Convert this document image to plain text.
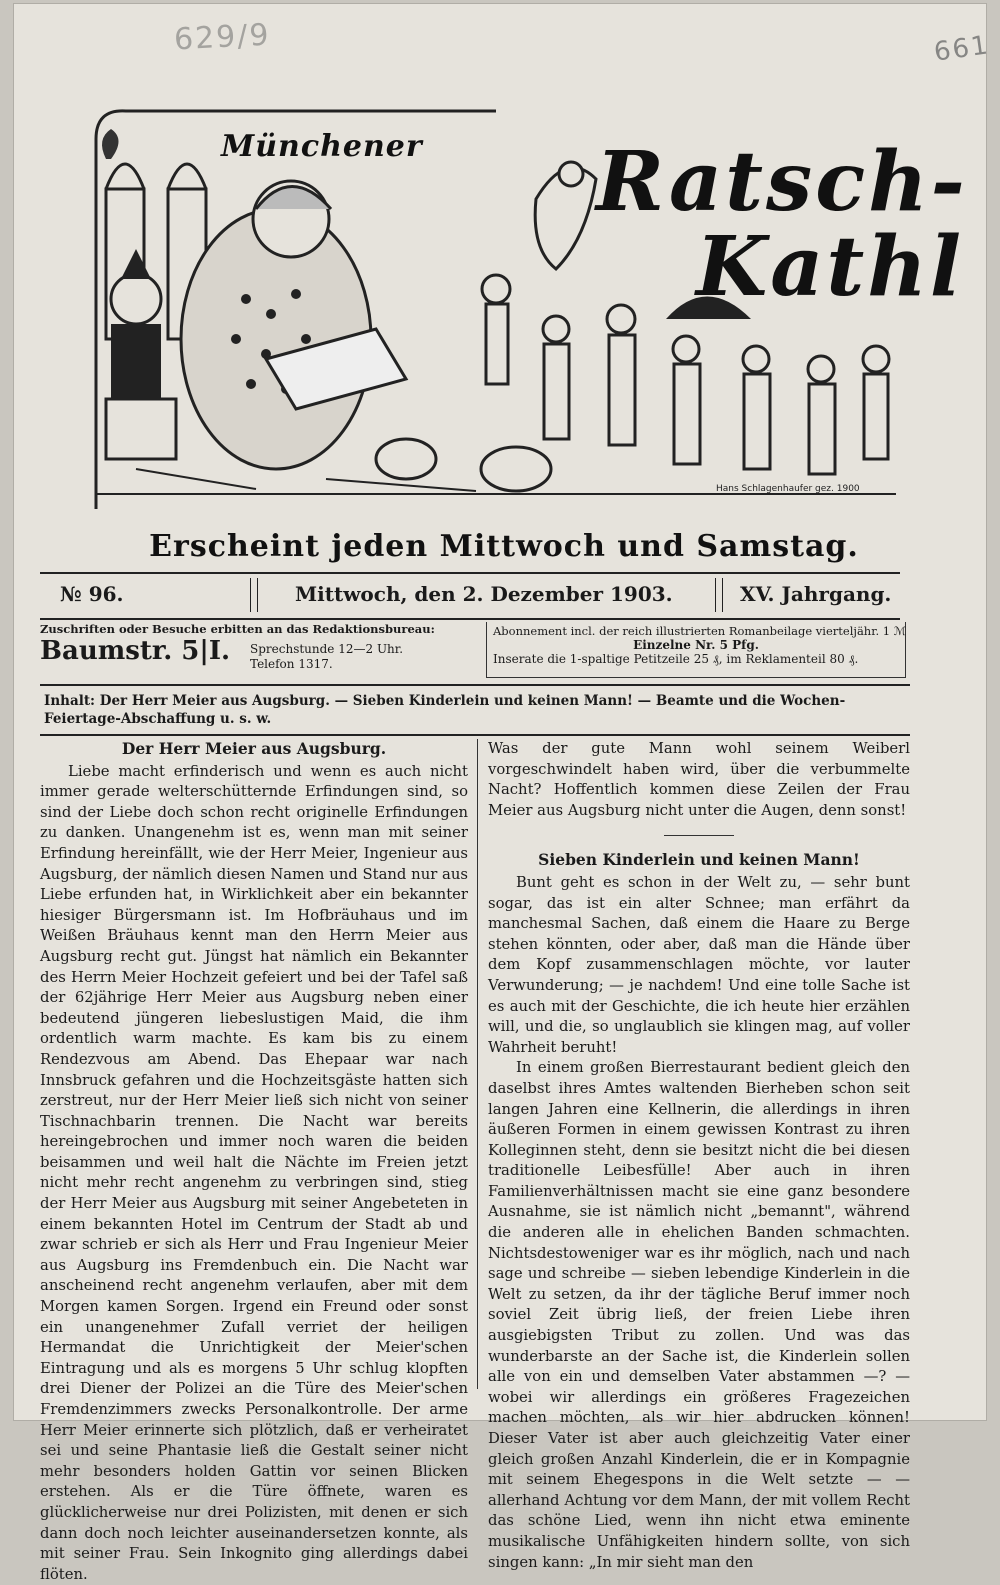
629/9	661
Münchener Ratsch-
Kathl
Hans Schlagenhaufer gez. 1900
Erscheint jeden Mittwoch und Samstag.
№ 96.	Mittwoch, den 2. Dezember 1903.	XV. Jahrgang.
Zuschriften oder Besuche erbitten an das Redaktionsbureau:
Baumstr. 5|I.	Sprechstunde 12—2 Uhr.
Telefon 1317.
Abonnement incl. der reich illustrierten Romanbeilage vierteljähr. 1 ℳ
Einzelne Nr. 5 Pfg.
Inserate die 1-spaltige Petitzeile 25 ₰, im Reklamenteil 80 ₰.
Inhalt: Der Herr Meier aus Augsburg. — Sieben Kinderlein und keinen Mann! — Beamte und die Wochen-Feiertage-Abschaffung u. s. w.
Der Herr Meier aus Augsburg.

Liebe macht erfinderisch und wenn es auch nicht immer gerade welterschütternde Erfindungen sind, so sind der Liebe doch schon recht originelle Erfindungen zu danken. Unangenehm ist es, wenn man mit seiner Erfindung hereinfällt, wie der Herr Meier, Ingenieur aus Augsburg, der nämlich diesen Namen und Stand nur aus Liebe erfunden hat, in Wirklichkeit aber ein bekannter hiesiger Bürgersmann ist. Im Hofbräuhaus und im Weißen Bräuhaus kennt man den Herrn Meier aus Augsburg recht gut. Jüngst hat nämlich ein Bekannter des Herrn Meier Hochzeit gefeiert und bei der Tafel saß der 62jährige Herr Meier aus Augsburg neben einer bedeutend jüngeren liebeslustigen Maid, die ihm ordentlich warm machte. Es kam bis zu einem Rendezvous am Abend. Das Ehepaar war nach Innsbruck gefahren und die Hochzeitsgäste hatten sich zerstreut, nur der Herr Meier ließ sich nicht von seiner Tischnachbarin trennen. Die Nacht war bereits hereingebrochen und immer noch waren die beiden beisammen und weil halt die Nächte im Freien jetzt nicht mehr recht angenehm zu verbringen sind, stieg der Herr Meier aus Augsburg mit seiner Angebeteten in einem bekannten Hotel im Centrum der Stadt ab und zwar schrieb er sich als Herr und Frau Ingenieur Meier aus Augsburg ins Fremdenbuch ein. Die Nacht war anscheinend recht angenehm verlaufen, aber mit dem Morgen kamen Sorgen. Irgend ein Freund oder sonst ein unangenehmer Zufall verriet der heiligen Hermandat die Unrichtigkeit der Meier'schen Eintragung und als es morgens 5 Uhr schlug klopften drei Diener der Polizei an die Türe des Meier'schen Fremdenzimmers zwecks Personalkontrolle. Der arme Herr Meier erinnerte sich plötzlich, daß er verheiratet sei und seine Phantasie ließ die Gestalt seiner nicht mehr besonders holden Gattin vor seinen Blicken erstehen. Als er die Türe öffnete, waren es glücklicherweise nur drei Polizisten, mit denen er sich dann doch noch leichter auseinandersetzen konnte, als mit seiner Frau. Sein Inkognito ging allerdings dabei flöten.

Was der gute Mann wohl seinem Weiberl vorgeschwindelt haben wird, über die verbummelte Nacht? Hoffentlich kommen diese Zeilen der Frau Meier aus Augsburg nicht unter die Augen, denn sonst!

Sieben Kinderlein und keinen Mann!

Bunt geht es schon in der Welt zu, — sehr bunt sogar, das ist ein alter Schnee; man erfährt da manchesmal Sachen, daß einem die Haare zu Berge stehen könnten, oder aber, daß man die Hände über dem Kopf zusammenschlagen möchte, vor lauter Verwunderung; — je nachdem! Und eine tolle Sache ist es auch mit der Geschichte, die ich heute hier erzählen will, und die, so unglaublich sie klingen mag, auf voller Wahrheit beruht!

In einem großen Bierrestaurant bedient gleich den daselbst ihres Amtes waltenden Bierheben schon seit langen Jahren eine Kellnerin, die allerdings in ihren äußeren Formen in einem gewissen Kontrast zu ihren Kolleginnen steht, denn sie besitzt nicht die bei diesen traditionelle Leibesfülle! Aber auch in ihren Familienverhältnissen macht sie eine ganz besondere Ausnahme, sie ist nämlich nicht „bemannt", während die anderen alle in ehelichen Banden schmachten. Nichtsdestoweniger war es ihr möglich, nach und nach sage und schreibe — sieben lebendige Kinderlein in die Welt zu setzen, da ihr der tägliche Beruf immer noch soviel Zeit übrig ließ, der freien Liebe ihren ausgiebigsten Tribut zu zollen. Und was das wunderbarste an der Sache ist, die Kinderlein sollen alle von ein und demselben Vater abstammen —? — wobei wir allerdings ein größeres Fragezeichen machen möchten, als wir hier abdrucken können! Dieser Vater ist aber auch gleichzeitig Vater einer gleich großen Anzahl Kinderlein, die er in Kompagnie mit seinem Ehegespons in die Welt setzte — — allerhand Achtung vor dem Mann, der mit vollem Recht das schöne Lied, wenn ihn nicht etwa eminente musikalische Unfähigkeiten hindern sollte, von sich singen kann: „In mir sieht man den
